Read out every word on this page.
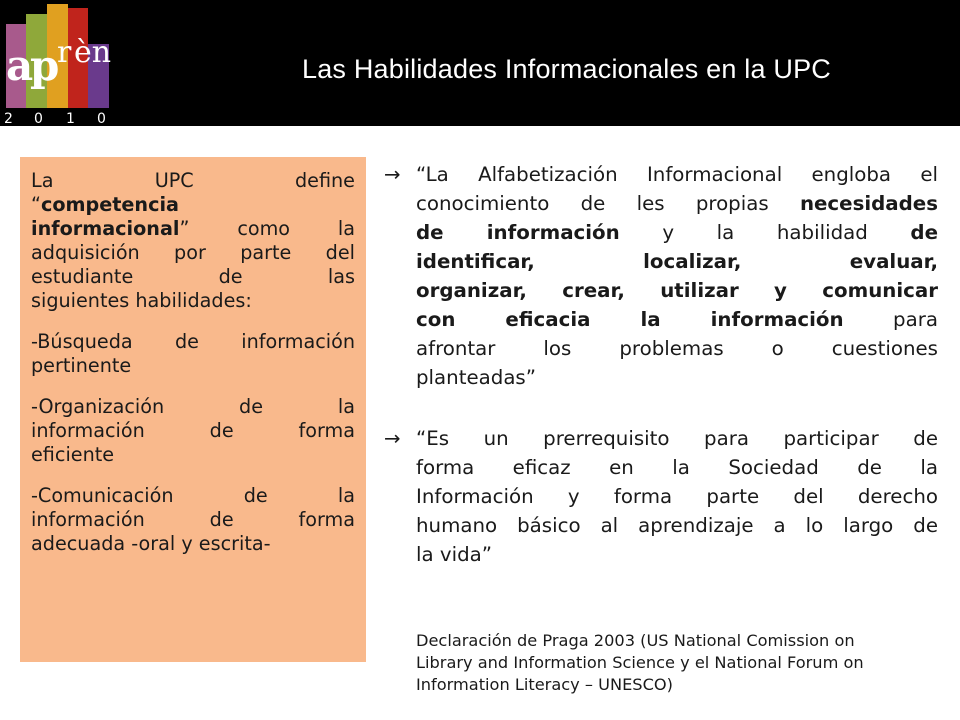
a
p
r èn
2 0 1 0
Las Habilidades Informacionales en la UPC

La UPC define

“competencia

informacional” como la

adquisición por parte del

estudiante de las

siguientes habilidades:

-Búsqueda de información

pertinente

-Organización de la

información de forma

eficiente

-Comunicación de la

información de forma

adecuada -oral y escrita-

→ “La Alfabetización Informacional engloba el
conocimiento de les propias necesidades
de información y la habilidad de
identificar, localizar, evaluar,
organizar, crear, utilizar y comunicar
con eficacia la información para
afrontar los problemas o cuestiones
planteadas”
→ “Es un prerrequisito para participar de
forma eficaz en la Sociedad de la
Información y forma parte del derecho
humano básico al aprendizaje a lo largo de
la vida”
Declaración de Praga 2003 (US National Comission on
Library and Information Science y el National Forum on
Information Literacy – UNESCO)
